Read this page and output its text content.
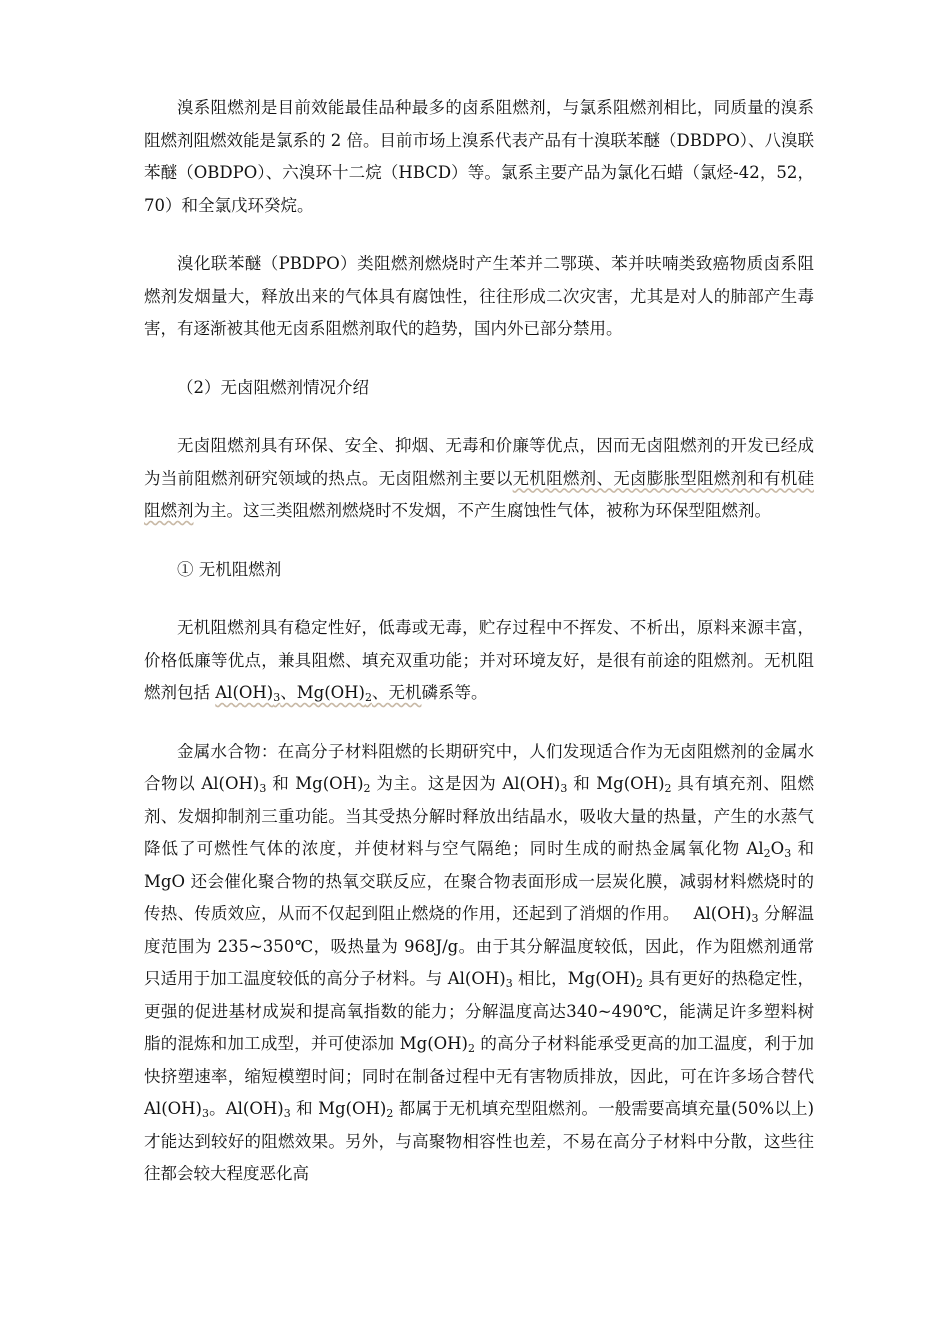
溴系阻燃剂是目前效能最佳品种最多的卤系阻燃剂，与氯系阻燃剂相比，同质量的溴系阻燃剂阻燃效能是氯系的 2 倍。目前市场上溴系代表产品有十溴联苯醚（DBDPO）、八溴联苯醚（OBDPO）、六溴环十二烷（HBCD）等。氯系主要产品为氯化石蜡（氯烃-42，52，70）和全氯戊环癸烷。

溴化联苯醚（PBDPO）类阻燃剂燃烧时产生苯并二鄂瑛、苯并呋喃类致癌物质卤系阻燃剂发烟量大，释放出来的气体具有腐蚀性，往往形成二次灾害，尤其是对人的肺部产生毒害，有逐渐被其他无卤系阻燃剂取代的趋势，国内外已部分禁用。

（2）无卤阻燃剂情况介绍

无卤阻燃剂具有环保、安全、抑烟、无毒和价廉等优点，因而无卤阻燃剂的开发已经成为当前阻燃剂研究领域的热点。无卤阻燃剂主要以无机阻燃剂、无卤膨胀型阻燃剂和有机硅阻燃剂为主。这三类阻燃剂燃烧时不发烟，不产生腐蚀性气体，被称为环保型阻燃剂。

① 无机阻燃剂

无机阻燃剂具有稳定性好，低毒或无毒，贮存过程中不挥发、不析出，原料来源丰富，价格低廉等优点，兼具阻燃、填充双重功能；并对环境友好，是很有前途的阻燃剂。无机阻燃剂包括 $Al(OH)_3$、$Mg(OH)_2$、无机磷系等。

金属水合物：在高分子材料阻燃的长期研究中，人们发现适合作为无卤阻燃剂的金属水合物以 $Al(OH)_3$ 和 $Mg(OH)_2$ 为主。这是因为 $Al(OH)_3$ 和 $Mg(OH)_2$ 具有填充剂、阻燃剂、发烟抑制剂三重功能。当其受热分解时释放出结晶水，吸收大量的热量，产生的水蒸气降低了可燃性气体的浓度，并使材料与空气隔绝；同时生成的耐热金属氧化物 $Al_2O_3$ 和 MgO 还会催化聚合物的热氧交联反应，在聚合物表面形成一层炭化膜，减弱材料燃烧时的传热、传质效应，从而不仅起到阻止燃烧的作用，还起到了消烟的作用。　 $Al(OH)_3$ 分解温度范围为 235~350℃，吸热量为 968J/g。由于其分解温度较低，因此，作为阻燃剂通常只适用于加工温度较低的高分子材料。与 $Al(OH)_3$ 相比，$Mg(OH)_2$ 具有更好的热稳定性，更强的促进基材成炭和提高氧指数的能力；分解温度高达340~490℃，能满足许多塑料树脂的混炼和加工成型，并可使添加 $Mg(OH)_2$ 的高分子材料能承受更高的加工温度，利于加快挤塑速率，缩短模塑时间；同时在制备过程中无有害物质排放，因此，可在许多场合替代 $Al(OH)_3$。$Al(OH)_3$ 和 $Mg(OH)_2$ 都属于无机填充型阻燃剂。一般需要高填充量(50%以上)才能达到较好的阻燃效果。另外，与高聚物相容性也差，不易在高分子材料中分散，这些往往都会较大程度恶化高
